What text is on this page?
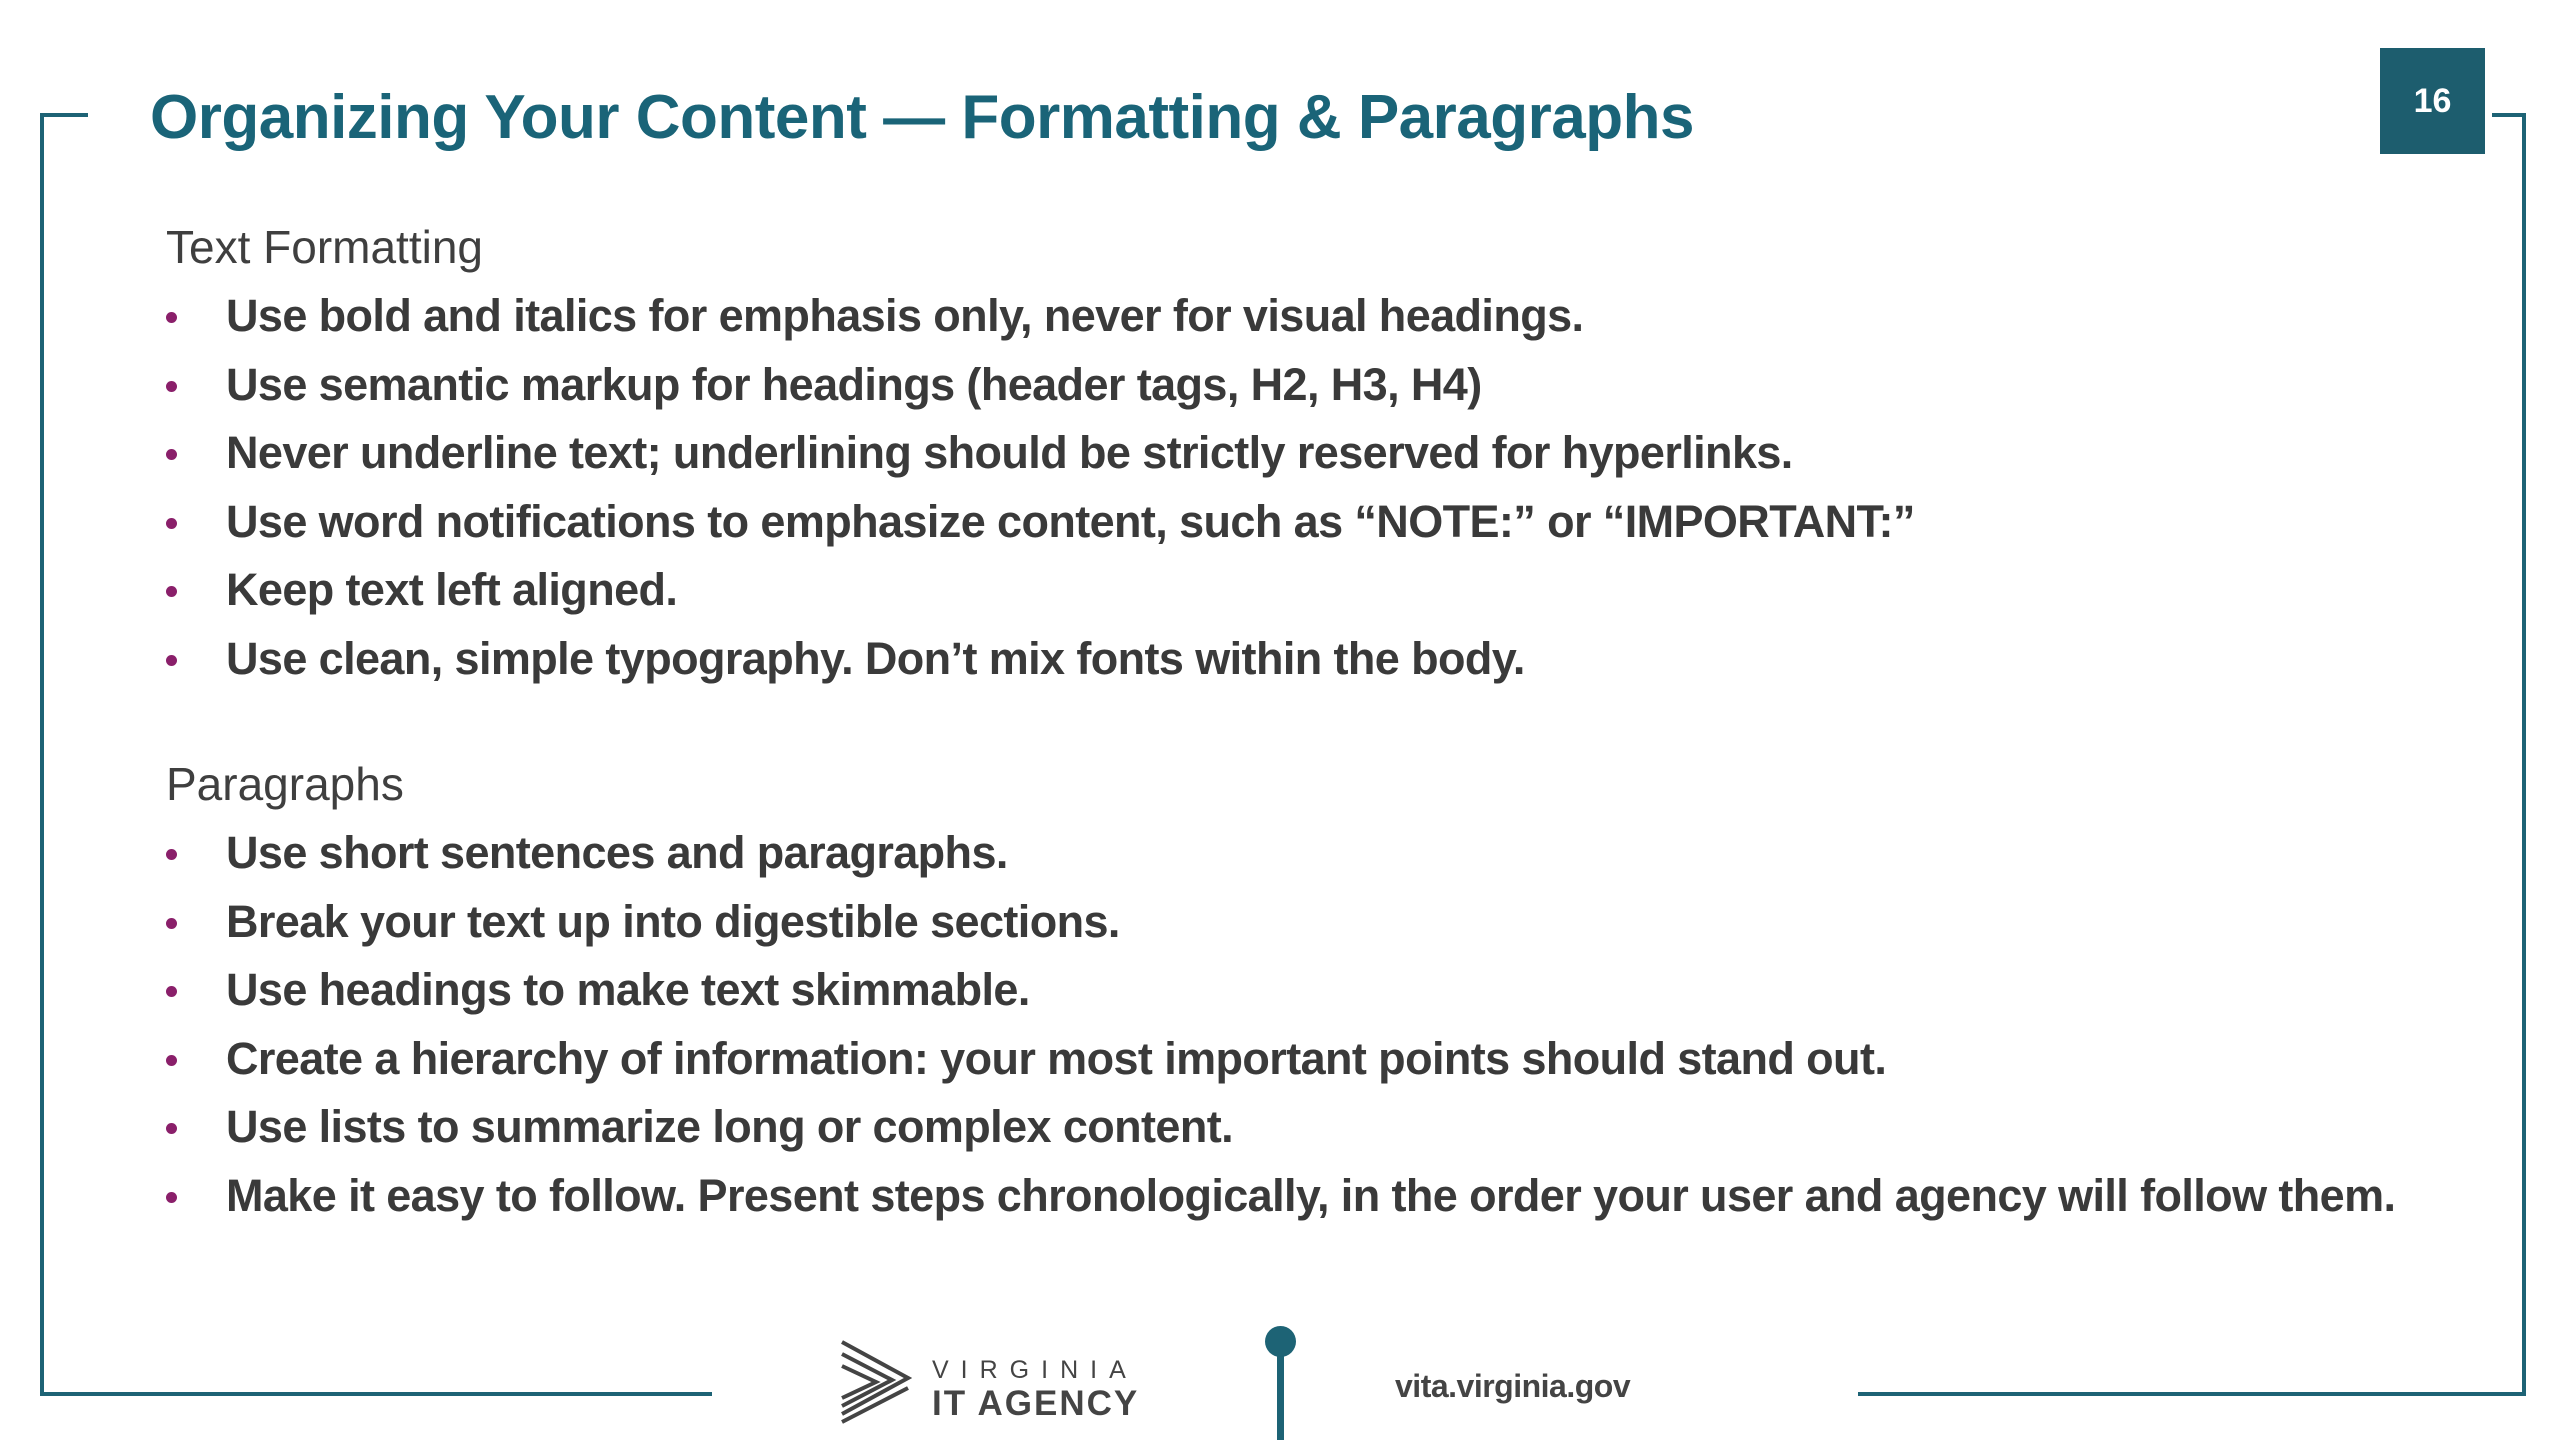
Organizing Your Content — Formatting & Paragraphs	16
Text Formatting
Use bold and italics for emphasis only, never for visual headings.
Use semantic markup for headings (header tags, H2, H3, H4)
Never underline text; underlining should be strictly reserved for hyperlinks.
Use word notifications to emphasize content, such as “NOTE:” or “IMPORTANT:”
Keep text left aligned.
Use clean, simple typography. Don’t mix fonts within the body.
Paragraphs
Use short sentences and paragraphs.
Break your text up into digestible sections.
Use headings to make text skimmable.
Create a hierarchy of information: your most important points should stand out.
Use lists to summarize long or complex content.
Make it easy to follow. Present steps chronologically, in the order your user and agency will follow them.
VIRGINIA
IT AGENCY	vita.virginia.gov
